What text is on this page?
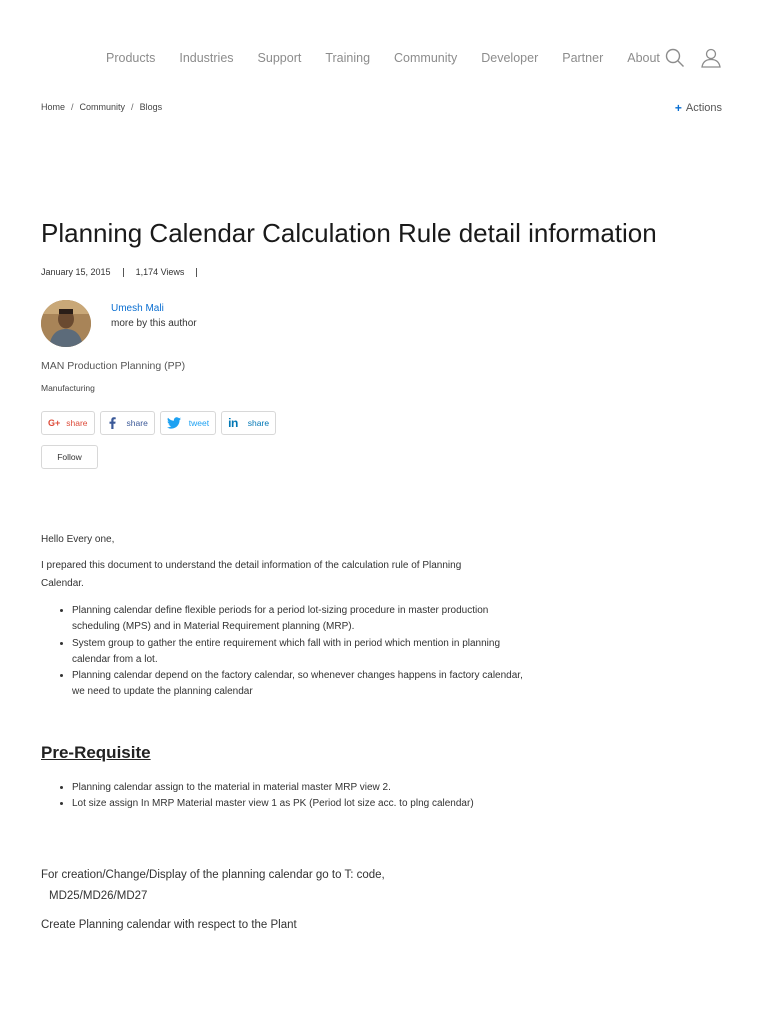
Products Industries Support Training Community Developer Partner About
Home / Community / Blogs	+ Actions
Planning Calendar Calculation Rule detail information
January 15, 2015	1,174 Views
Umesh Mali
more by this author
MAN Production Planning (PP)
Manufacturing
G+ share	share	tweet in share
Follow
Hello Every one,
I prepared this document to understand the detail information of the calculation rule of Planning Calendar.
• Planning calendar define flexible periods for a period lot-sizing procedure in master production scheduling (MPS) and in Material Requirement planning (MRP).
• System group to gather the entire requirement which fall with in period which mention in planning calendar from a lot.
• Planning calendar depend on the factory calendar, so whenever changes happens in factory calendar, we need to update the planning calendar
Pre-Requisite
• Planning calendar assign to the material in material master MRP view 2.
• Lot size assign In MRP Material master view 1 as PK (Period lot size acc. to plng calendar)
For creation/Change/Display of the planning calendar go to T: code,
MD25/MD26/MD27
Create Planning calendar with respect to the Plant
